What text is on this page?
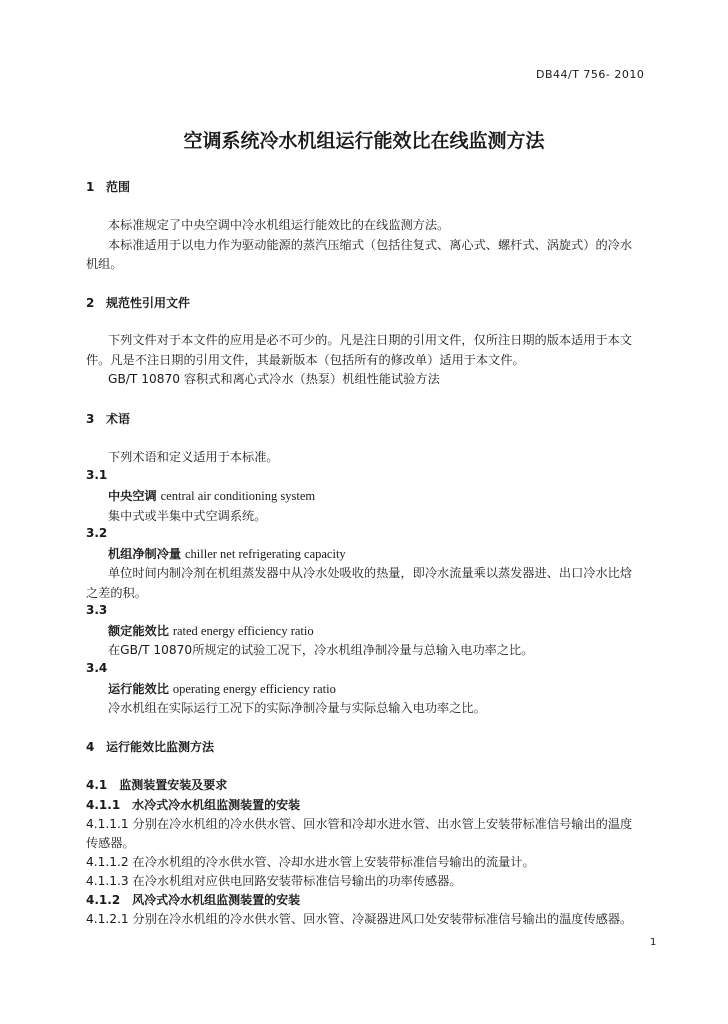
DB44/T 756- 2010
空调系统冷水机组运行能效比在线监测方法
1 范围
本标准规定了中央空调中冷水机组运行能效比的在线监测方法。
本标准适用于以电力作为驱动能源的蒸汽压缩式（包括往复式、离心式、螺杆式、涡旋式）的冷水
机组。
2 规范性引用文件
下列文件对于本文件的应用是必不可少的。凡是注日期的引用文件，仅所注日期的版本适用于本文
件。凡是不注日期的引用文件，其最新版本（包括所有的修改单）适用于本文件。
GB/T 10870 容积式和离心式冷水（热泵）机组性能试验方法
3 术语
下列术语和定义适用于本标准。
3.1
中央空调 central air conditioning system
集中式或半集中式空调系统。
3.2
机组净制冷量 chiller net refrigerating capacity
单位时间内制冷剂在机组蒸发器中从冷水处吸收的热量，即冷水流量乘以蒸发器进、出口冷水比焓
之差的积。
3.3
额定能效比 rated energy efficiency ratio
在GB/T 10870所规定的试验工况下，冷水机组净制冷量与总输入电功率之比。
3.4
运行能效比 operating energy efficiency ratio
冷水机组在实际运行工况下的实际净制冷量与实际总输入电功率之比。
4 运行能效比监测方法
4.1　监测装置安装及要求
4.1.1　水冷式冷水机组监测装置的安装
4.1.1.1 分别在冷水机组的冷水供水管、回水管和冷却水进水管、出水管上安装带标准信号输出的温度
传感器。
4.1.1.2 在冷水机组的冷水供水管、冷却水进水管上安装带标准信号输出的流量计。
4.1.1.3 在冷水机组对应供电回路安装带标准信号输出的功率传感器。
4.1.2　风冷式冷水机组监测装置的安装
4.1.2.1 分别在冷水机组的冷水供水管、回水管、冷凝器进风口处安装带标准信号输出的温度传感器。
1
